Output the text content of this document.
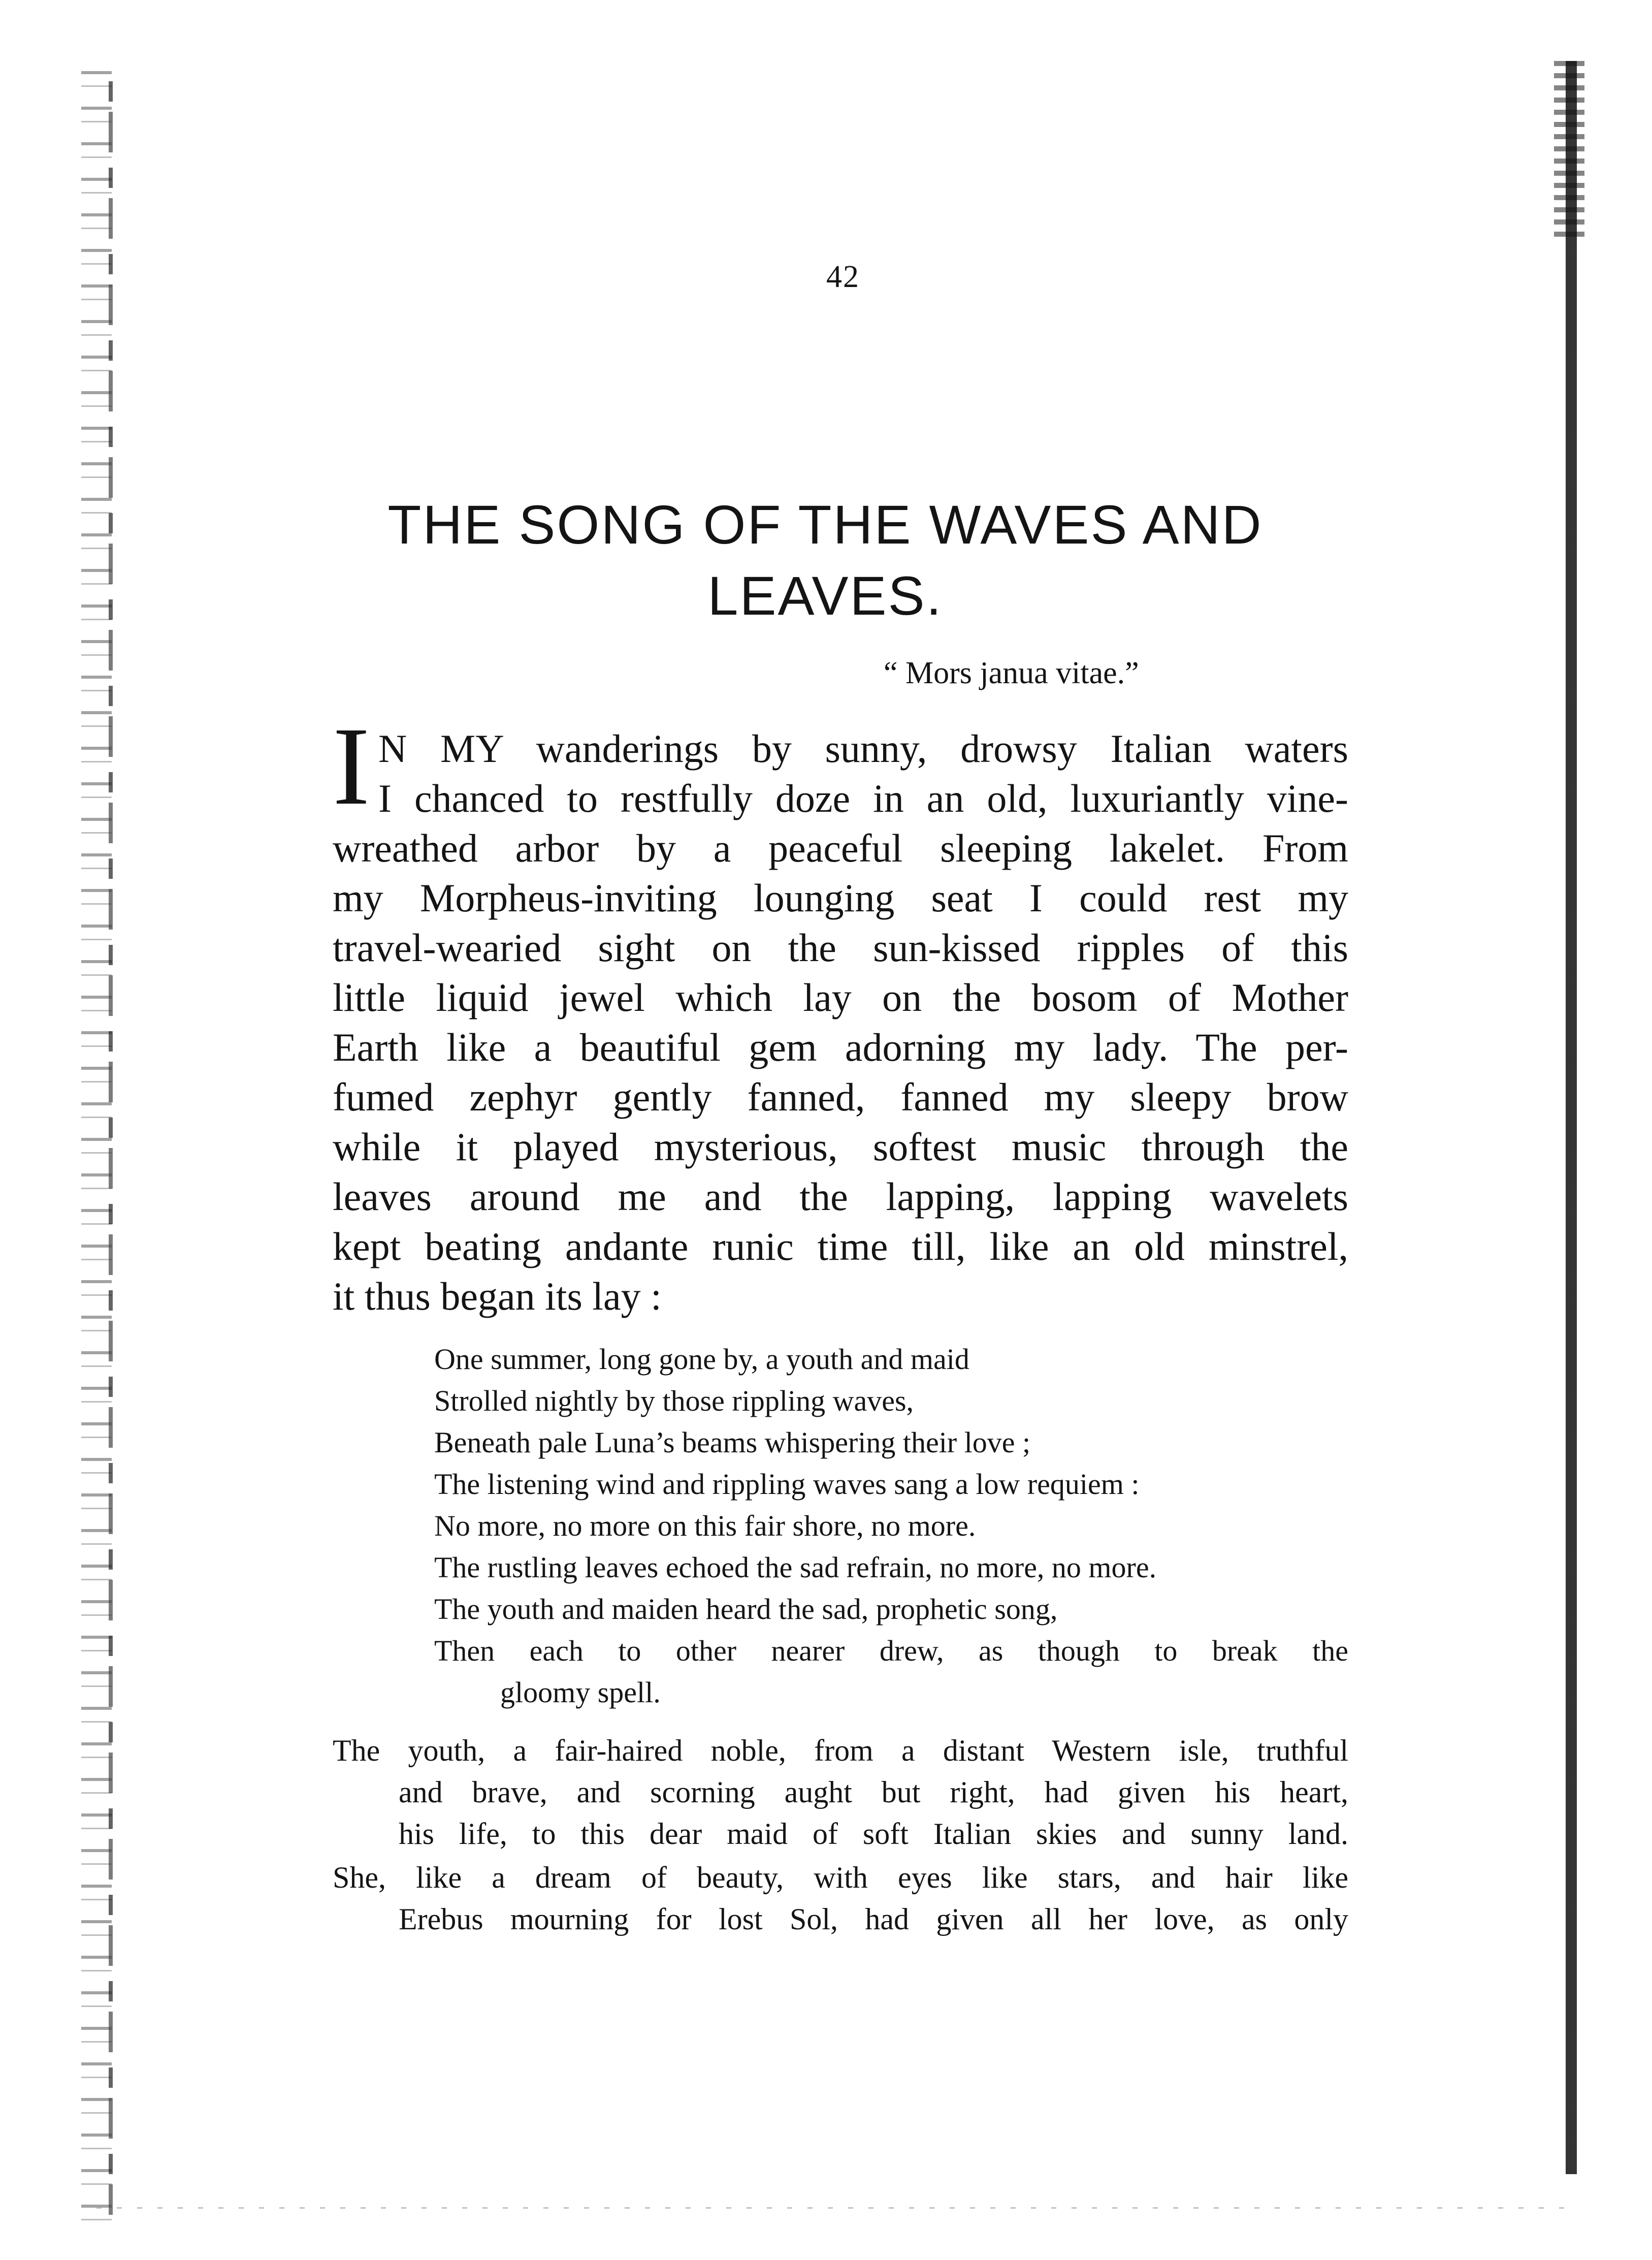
42
THE SONG OF THE WAVES AND
LEAVES.
“ Mors janua vitae.”
I N MY wanderings by sunny, drowsy Italian waters
I chanced to restfully doze in an old, luxuriantly vine-
wreathed arbor by a peaceful sleeping lakelet. From
my Morpheus-inviting lounging seat I could rest my
travel-wearied sight on the sun-kissed ripples of this
little liquid jewel which lay on the bosom of Mother
Earth like a beautiful gem adorning my lady. The per-
fumed zephyr gently fanned, fanned my sleepy brow
while it played mysterious, softest music through the
leaves around me and the lapping, lapping wavelets
kept beating andante runic time till, like an old minstrel,
it thus began its lay :
One summer, long gone by, a youth and maid
Strolled nightly by those rippling waves,
Beneath pale Luna’s beams whispering their love ;
The listening wind and rippling waves sang a low requiem :
No more, no more on this fair shore, no more.
The rustling leaves echoed the sad refrain, no more, no more.
The youth and maiden heard the sad, prophetic song,
Then each to other nearer drew, as though to break the
gloomy spell.
The youth, a fair-haired noble, from a distant Western isle, truthful
and brave, and scorning aught but right, had given his heart,
his life, to this dear maid of soft Italian skies and sunny land.
She, like a dream of beauty, with eyes like stars, and hair like
Erebus mourning for lost Sol, had given all her love, as only
